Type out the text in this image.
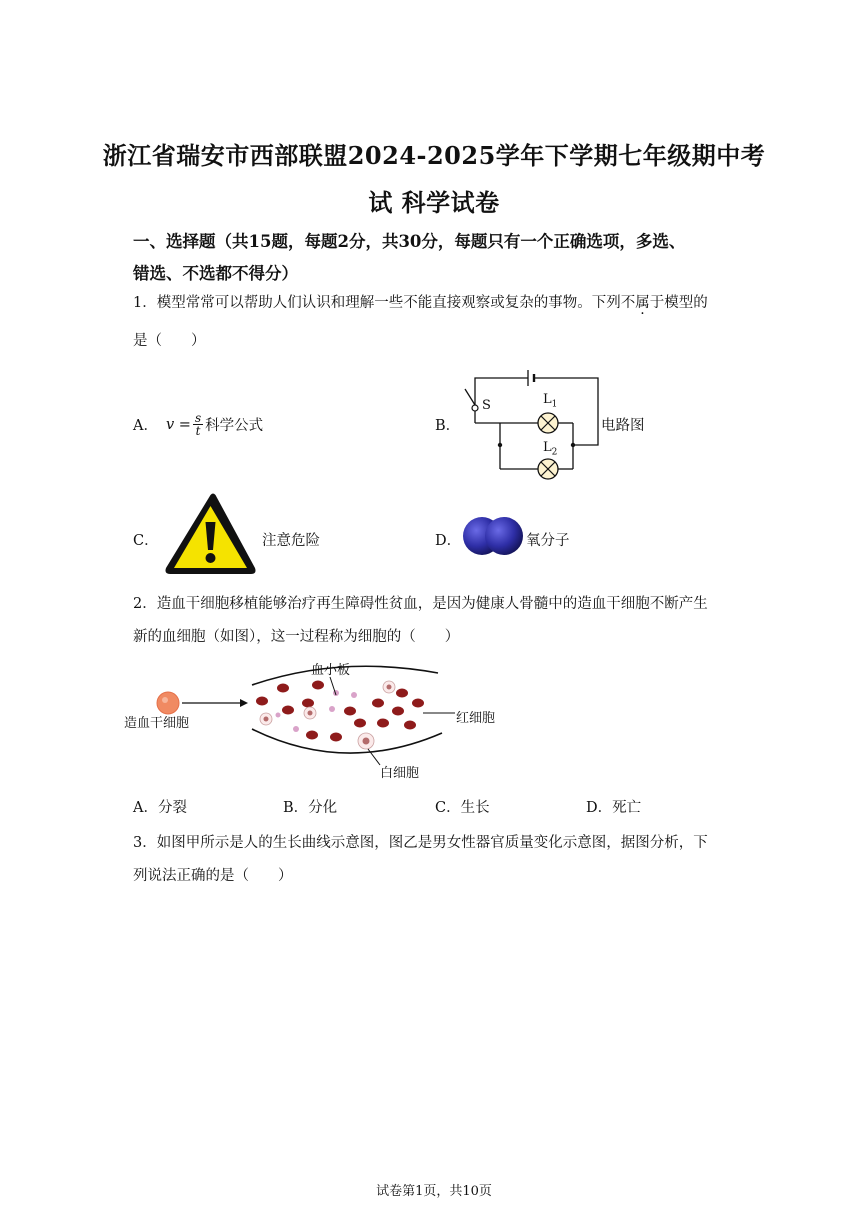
浙江省瑞安市西部联盟2024-2025学年下学期七年级期中考
试 科学试卷
一、选择题（共15题，每题2分，共30分，每题只有一个正确选项，多选、
错选、不选都不得分）
1．模型常常可以帮助人们认识和理解一些不能直接观察或复杂的事物。下列不属于模型的
是（　　）
A． $v = \frac{s}{t}$ 科学公式	B．
S	$L_1$
$L_2$
电路图
C．	注意危险	D．	氧分子
2．造血干细胞移植能够治疗再生障碍性贫血，是因为健康人骨髓中的造血干细胞不断产生
新的血细胞（如图），这一过程称为细胞的（　　）
造血干细胞
血小板
红细胞
白细胞
A．分裂	B．分化	C．生长	D．死亡
3．如图甲所示是人的生长曲线示意图，图乙是男女性器官质量变化示意图，据图分析，下
列说法正确的是（　　）
试卷第1页，共10页
